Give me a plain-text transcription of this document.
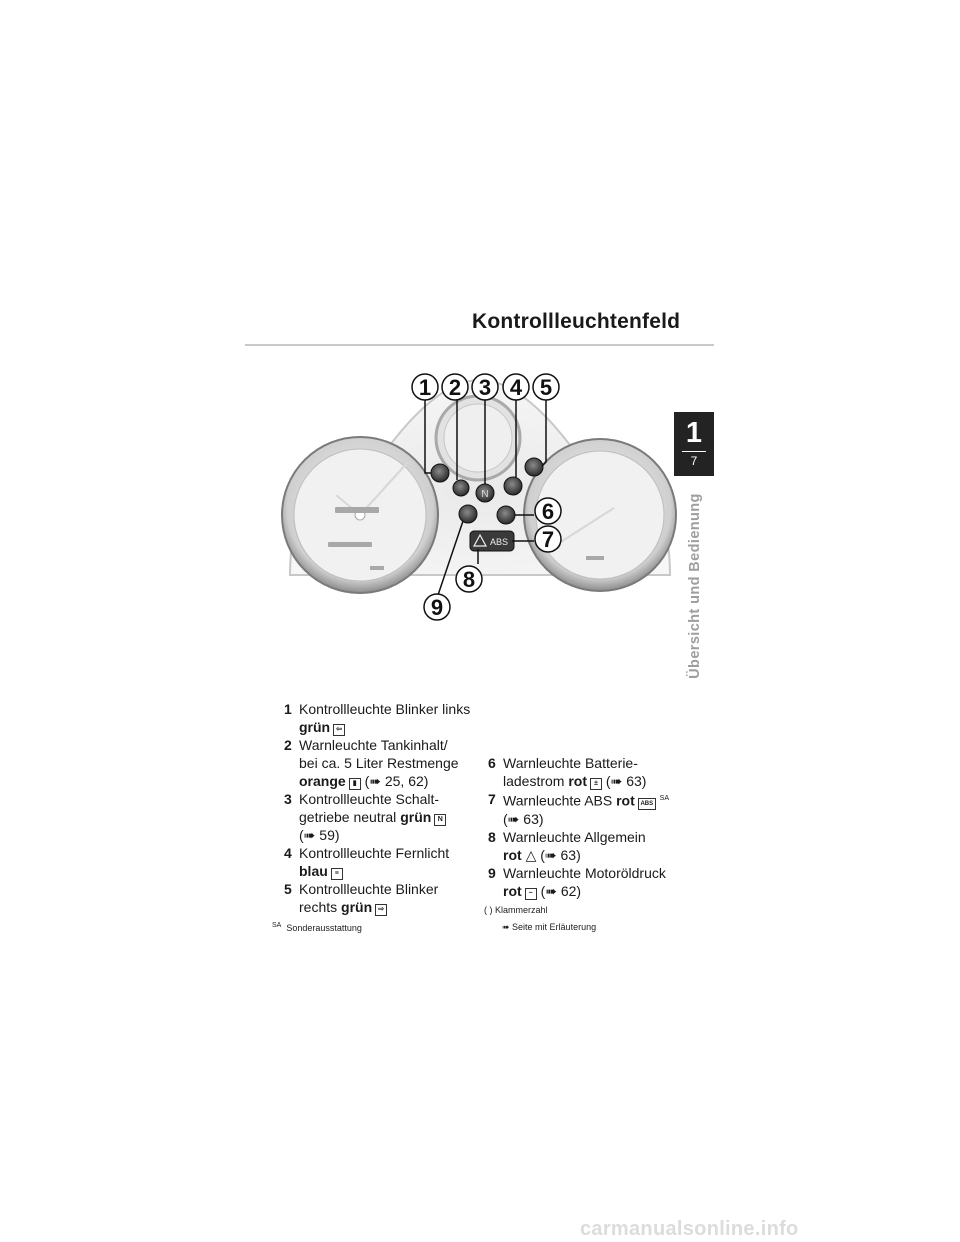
Kontrollleuchtenfeld
1
7
Übersicht und Bedienung
N
ABS
1 2 3 4 5
6
7
8
9
1 Kontrollleuchte Blinker links
grün ⇦
2 Warnleuchte Tankinhalt/
bei ca. 5 Liter Restmenge
orange ▮ (➠ 25, 62)
3 Kontrollleuchte Schalt-
getriebe neutral grün N
(➠ 59)
4 Kontrollleuchte Fernlicht
blau ≡
5 Kontrollleuchte Blinker
rechts grün ⇨
6 Warnleuchte Batterie-
ladestrom rot ± (➠ 63)
7 Warnleuchte ABS rot ABS $^{SA}$
(➠ 63)
8 Warnleuchte Allgemein
rot △ (➠ 63)
9 Warnleuchte Motoröldruck
rot ~ (➠ 62)
( ) Klammerzahl
$^{SA}$ Sonderausstattung	➠ Seite mit Erläuterung
carmanualsonline.info
